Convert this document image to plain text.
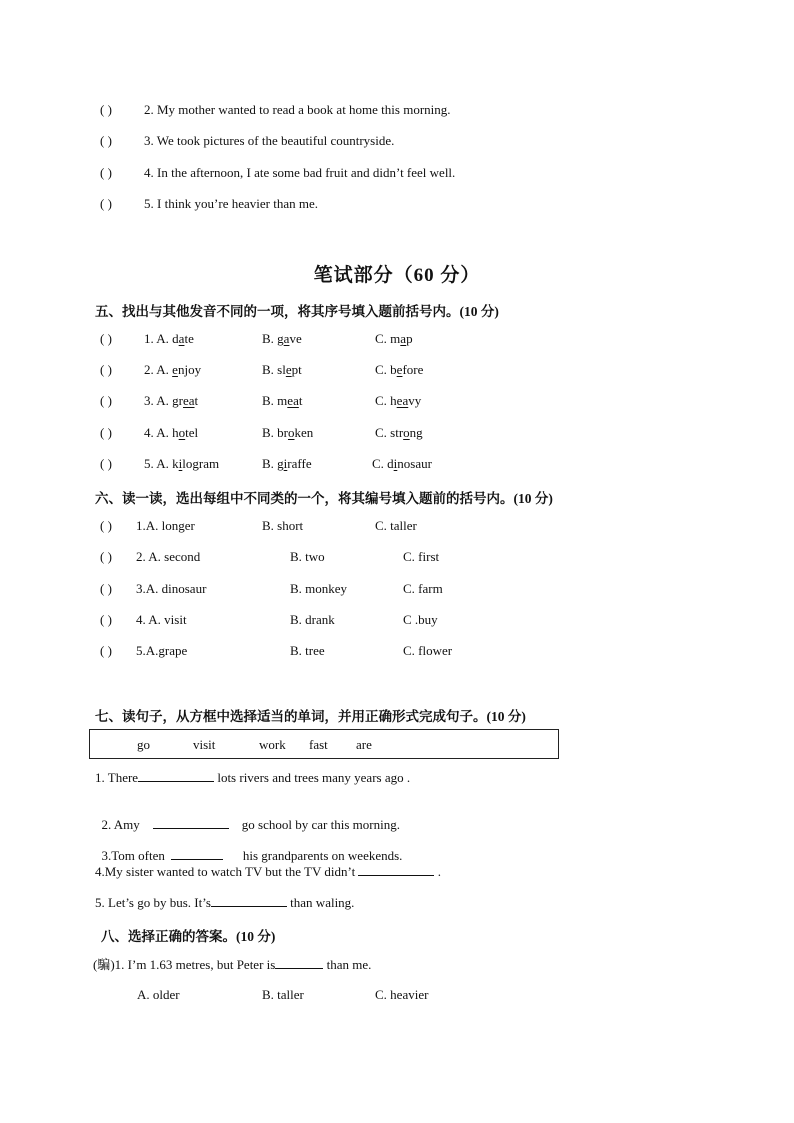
( ) 2. My mother wanted to read a book at home this morning.
( ) 3. We took pictures of the beautiful countryside.
( ) 4. In the afternoon, I ate some bad fruit and didn’t feel well.
( ) 5. I think you’re heavier than me.
笔试部分（60 分）
五、找出与其他发音不同的一项，将其序号填入题前括号内。(10 分)
( ) 1. A. date	B. gave	C. map
( ) 2. A. enjoy	B. slept	C. before
( ) 3. A. great	B. meat	C. heavy
( ) 4. A. hotel	B. broken	C. strong
( ) 5. A. kilogram	B. giraffe	C. dinosaur
六、读一读，选出每组中不同类的一个，将其编号填入题前的括号内。(10 分)
( ) 1.A. longer	B. short	C. taller
( ) 2. A. second	B. two	C. first
( ) 3.A. dinosaur	B. monkey	C. farm
( ) 4. A. visit	B. drank	C .buy
( ) 5.A.grape	B. tree	C. flower
七、读句子，从方框中选择适当的单词，并用正确形式完成句子。(10 分)
go	visit	work fast are
1. There	lots rivers and trees many years ago .

2. Amy	go school by car this morning.

3.Tom often	his grandparents on weekends.

4.My sister wanted to watch TV but the TV didn’t	.
5. Let’s go by bus. It’s	than waling.
八、选择正确的答案。(10 分)
(騙)1. I’m 1.63 metres, but Peter is	than me.
A. older	B. taller	C. heavier
